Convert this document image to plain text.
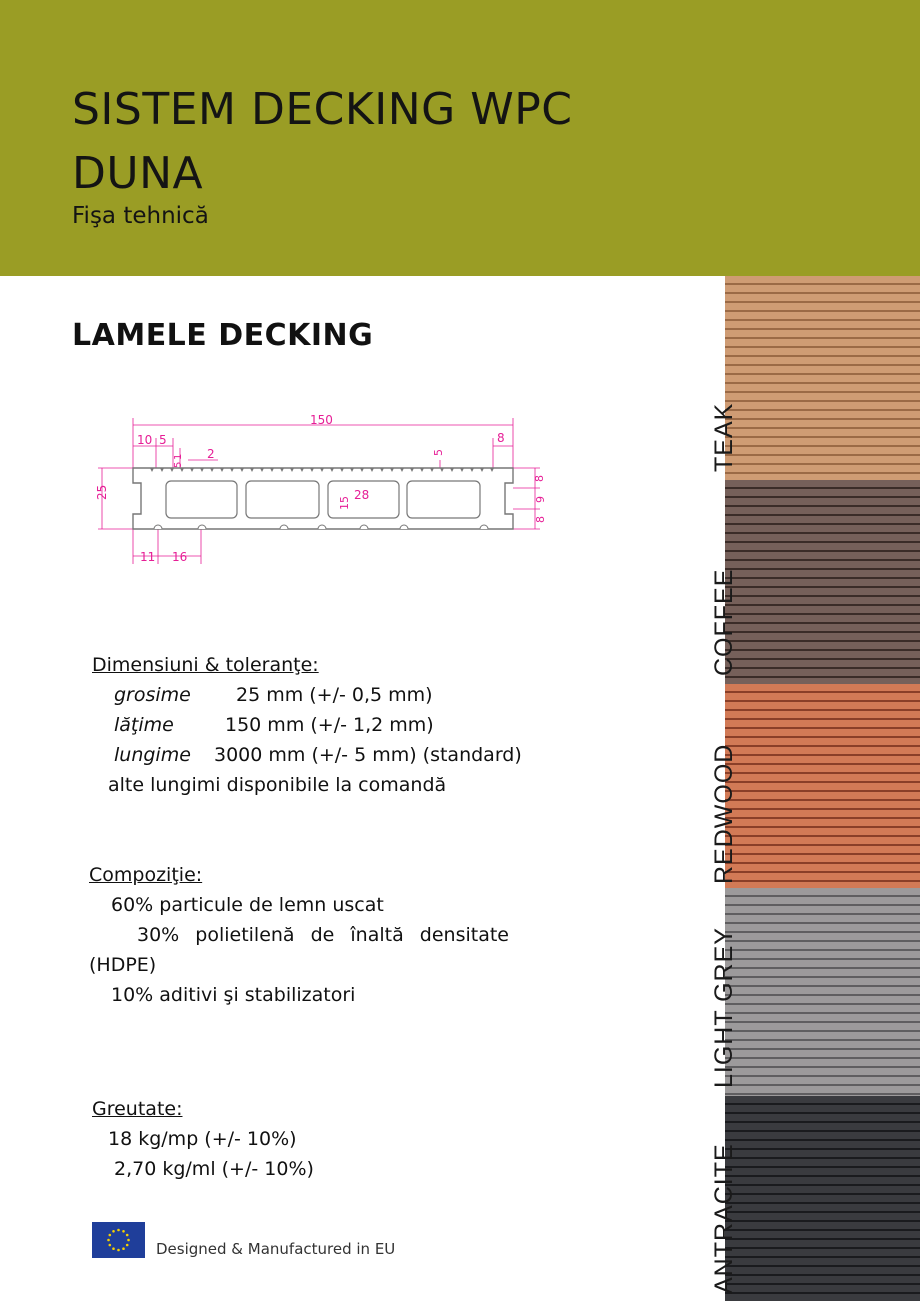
SISTEM DECKING WPC DUNA
Fişa tehnică
LAMELE DECKING
150
10 5
1
5
2	5
8
25
15
28
8
9
8
11 16
Dimensiuni & toleranţe:
grosime	25 mm (+/- 0,5 mm)
lăţime	150 mm (+/- 1,2 mm)
lungime	3000 mm (+/- 5 mm) (standard)
alte lungimi disponibile la comandă
Compoziţie:
60% particule de lemn uscat
30% polietilenă de înaltă densitate
(HDPE)
10% aditivi şi stabilizatori
Greutate:
18 kg/mp (+/- 10%)
2,70 kg/ml (+/- 10%)
Designed & Manufactured in EU
TEAK
COFFEE
REDWOOD
LIGHT GREY
ANTRACITE
